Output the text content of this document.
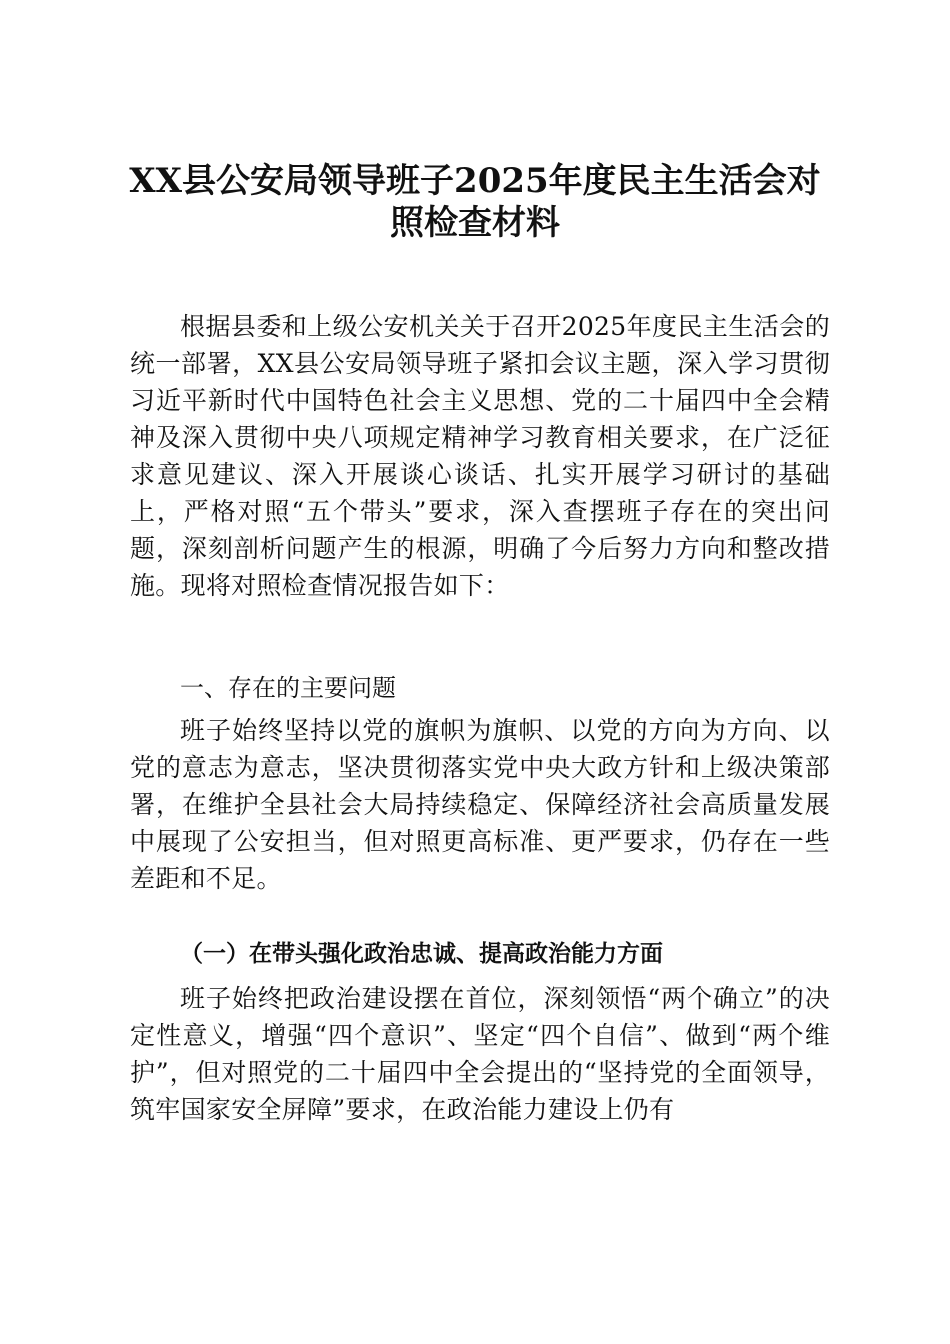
XX县公安局领导班子2025年度民主生活会对照检查材料
根据县委和上级公安机关关于召开2025年度民主生活会的统一部署，XX县公安局领导班子紧扣会议主题，深入学习贯彻习近平新时代中国特色社会主义思想、党的二十届四中全会精神及深入贯彻中央八项规定精神学习教育相关要求，在广泛征求意见建议、深入开展谈心谈话、扎实开展学习研讨的基础上，严格对照“五个带头”要求，深入查摆班子存在的突出问题，深刻剖析问题产生的根源，明确了今后努力方向和整改措施。现将对照检查情况报告如下：
一、存在的主要问题
班子始终坚持以党的旗帜为旗帜、以党的方向为方向、以党的意志为意志，坚决贯彻落实党中央大政方针和上级决策部署，在维护全县社会大局持续稳定、保障经济社会高质量发展中展现了公安担当，但对照更高标准、更严要求，仍存在一些差距和不足。
（一）在带头强化政治忠诚、提高政治能力方面
班子始终把政治建设摆在首位，深刻领悟“两个确立”的决定性意义，增强“四个意识”、坚定“四个自信”、做到“两个维护”，但对照党的二十届四中全会提出的“坚持党的全面领导，筑牢国家安全屏障”要求，在政治能力建设上仍有
